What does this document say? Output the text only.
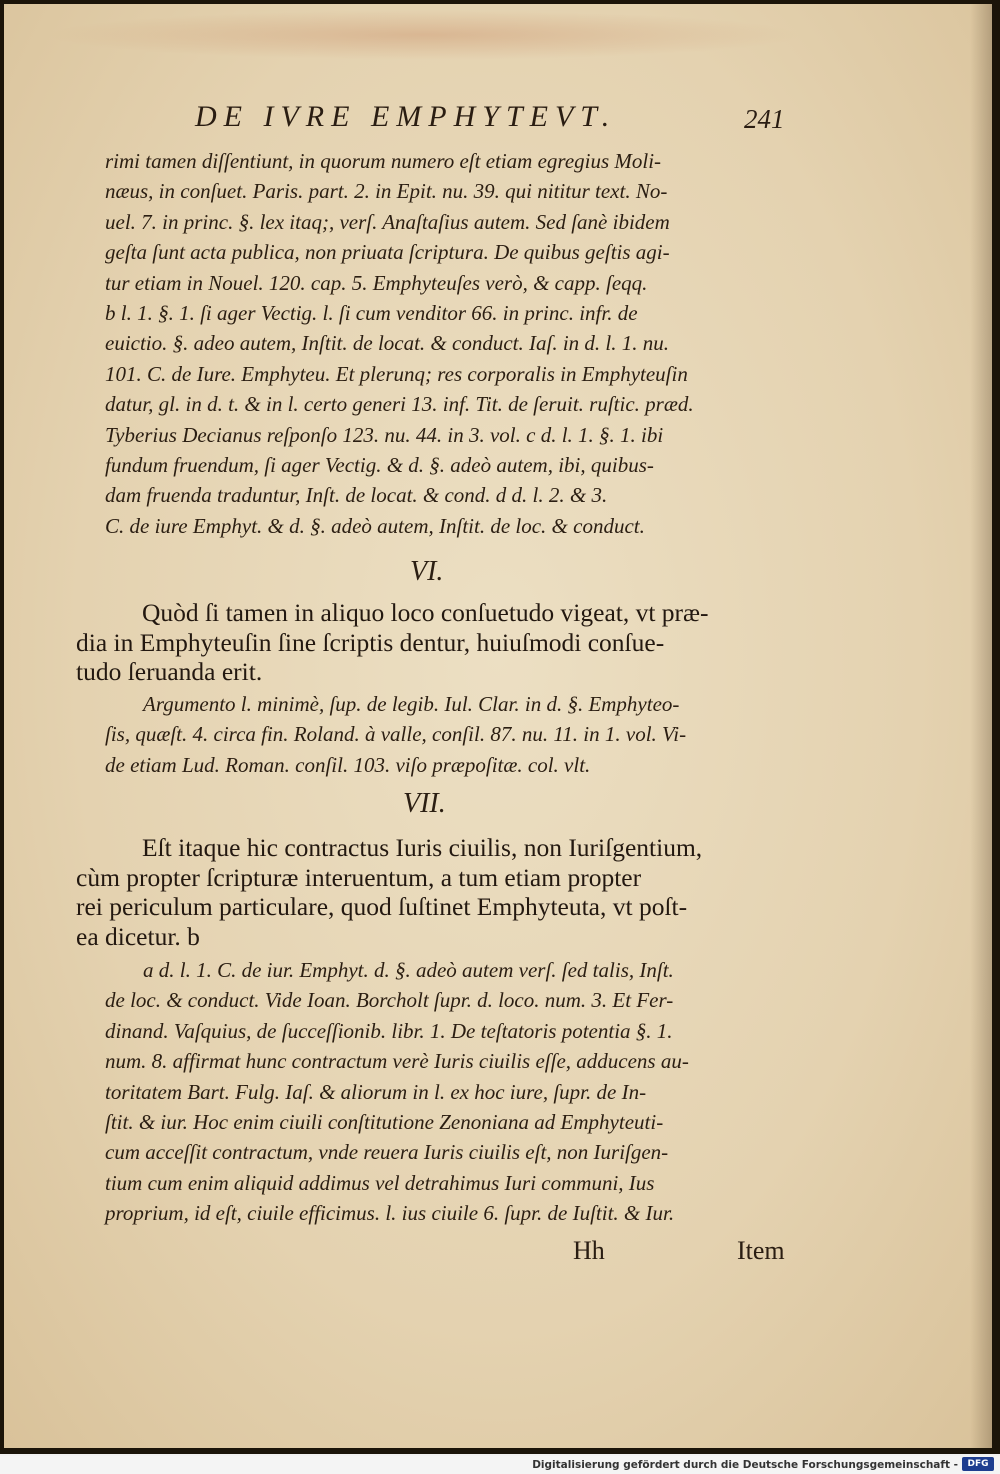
DE IVRE EMPHYTEVT.	241
rimi tamen diſſentiunt, in quorum numero eſt etiam egregius Moli-
næus, in conſuet. Paris. part. 2. in Epit. nu. 39. qui nititur text. No-
uel. 7. in princ. §. lex itaq;, verſ. Anaſtaſius autem. Sed ſanè ibidem
geſta ſunt acta publica, non priuata ſcriptura. De quibus geſtis agi-
tur etiam in Nouel. 120. cap. 5. Emphyteuſes verò, & capp. ſeqq.
b l. 1. §. 1. ſi ager Vectig. l. ſi cum venditor 66. in princ. infr. de
euictio. §. adeo autem, Inſtit. de locat. & conduct. Iaſ. in d. l. 1. nu.
101. C. de Iure. Emphyteu. Et plerunq; res corporalis in Emphyteuſin
datur, gl. in d. t. & in l. certo generi 13. inf. Tit. de ſeruit. ruſtic. præd.
Tyberius Decianus reſponſo 123. nu. 44. in 3. vol. c d. l. 1. §. 1. ibi
fundum fruendum, ſi ager Vectig. & d. §. adeò autem, ibi, quibus-
dam fruenda traduntur, Inſt. de locat. & cond. d d. l. 2. & 3.
C. de iure Emphyt. & d. §. adeò autem, Inſtit. de loc. & conduct.
VI.
Quòd ſi tamen in aliquo loco conſuetudo vigeat, vt præ-
dia in Emphyteuſin ſine ſcriptis dentur, huiuſmodi conſue-
tudo ſeruanda erit.
Argumento l. minimè, ſup. de legib. Iul. Clar. in d. §. Emphyteo-
ſis, quæſt. 4. circa fin. Roland. à valle, conſil. 87. nu. 11. in 1. vol. Vi-
de etiam Lud. Roman. conſil. 103. viſo præpoſitæ. col. vlt.
VII.
Eſt itaque hic contractus Iuris ciuilis, non Iuriſgentium,
cùm propter ſcripturæ interuentum, a tum etiam propter
rei periculum particulare, quod ſuſtinet Emphyteuta, vt poſt-
ea dicetur. b
a d. l. 1. C. de iur. Emphyt. d. §. adeò autem verſ. ſed talis, Inſt.
de loc. & conduct. Vide Ioan. Borcholt ſupr. d. loco. num. 3. Et Fer-
dinand. Vaſquius, de ſucceſſionib. libr. 1. De teſtatoris potentia §. 1.
num. 8. affirmat hunc contractum verè Iuris ciuilis eſſe, adducens au-
toritatem Bart. Fulg. Iaſ. & aliorum in l. ex hoc iure, ſupr. de In-
ſtit. & iur. Hoc enim ciuili conſtitutione Zenoniana ad Emphyteuti-
cum acceſſit contractum, vnde reuera Iuris ciuilis eſt, non Iuriſgen-
tium cum enim aliquid addimus vel detrahimus Iuri communi, Ius
proprium, id eſt, ciuile efficimus. l. ius ciuile 6. ſupr. de Iuſtit. & Iur.
Hh	Item
Digitalisierung gefördert durch die Deutsche Forschungsgemeinschaft -	DFG
